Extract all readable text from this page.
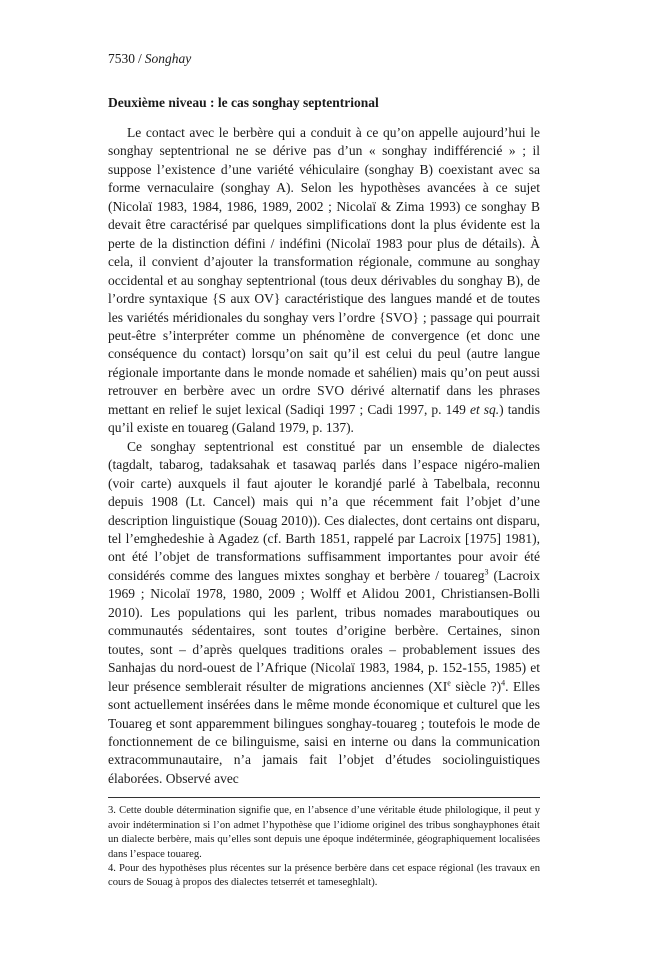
7530 / Songhay
Deuxième niveau : le cas songhay septentrional

Le contact avec le berbère qui a conduit à ce qu’on appelle aujourd’hui le songhay septentrional ne se dérive pas d’un « songhay indifférencié » ; il suppose l’existence d’une variété véhiculaire (songhay B) coexistant avec sa forme vernaculaire (songhay A). Selon les hypothèses avancées à ce sujet (Nicolaï 1983, 1984, 1986, 1989, 2002 ; Nicolaï & Zima 1993) ce songhay B devait être caractérisé par quelques simplifications dont la plus évidente est la perte de la distinction défini / indéfini (Nicolaï 1983 pour plus de détails). À cela, il convient d’ajouter la transformation régionale, commune au songhay occidental et au songhay septentrional (tous deux dérivables du songhay B), de l’ordre syntaxique {S aux OV} caractéristique des langues mandé et de toutes les variétés méridionales du songhay vers l’ordre {SVO} ; passage qui pourrait peut-être s’interpréter comme un phénomène de convergence (et donc une conséquence du contact) lorsqu’on sait qu’il est celui du peul (autre langue régionale importante dans le monde nomade et sahélien) mais qu’on peut aussi retrouver en berbère avec un ordre SVO dérivé alternatif dans les phrases mettant en relief le sujet lexical (Sadiqi 1997 ; Cadi 1997, p. 149 et sq.) tandis qu’il existe en touareg (Galand 1979, p. 137).

Ce songhay septentrional est constitué par un ensemble de dialectes (tagdalt, tabarog, tadaksahak et tasawaq parlés dans l’espace nigéro-malien (voir carte) auxquels il faut ajouter le korandjé parlé à Tabelbala, reconnu depuis 1908 (Lt. Cancel) mais qui n’a que récemment fait l’objet d’une description linguistique (Souag 2010)). Ces dialectes, dont certains ont disparu, tel l’emghedeshie à Agadez (cf. Barth 1851, rappelé par Lacroix [1975] 1981), ont été l’objet de transformations suffisamment importantes pour avoir été considérés comme des langues mixtes songhay et berbère / touareg$^3$ (Lacroix 1969 ; Nicolaï 1978, 1980, 2009 ; Wolff et Alidou 2001, Christiansen-Bolli 2010). Les populations qui les parlent, tribus nomades maraboutiques ou communautés sédentaires, sont toutes d’origine berbère. Certaines, sinon toutes, sont – d’après quelques traditions orales – probablement issues des Sanhajas du nord-ouest de l’Afrique (Nicolaï 1983, 1984, p. 152-155, 1985) et leur présence semblerait résulter de migrations anciennes (XIe siècle ?)$^4$. Elles sont actuellement insérées dans le même monde économique et culturel que les Touareg et sont apparemment bilingues songhay-touareg ; toutefois le mode de fonctionnement de ce bilinguisme, saisi en interne ou dans la communication extracommunautaire, n’a jamais fait l’objet d’études sociolinguistiques élaborées. Observé avec

3. Cette double détermination signifie que, en l’absence d’une véritable étude philologique, il peut y avoir indétermination si l’on admet l’hypothèse que l’idiome originel des tribus songhayphones était un dialecte berbère, mais qu’elles sont depuis une époque indéterminée, géographiquement localisées dans l’espace touareg.

4. Pour des hypothèses plus récentes sur la présence berbère dans cet espace régional (les travaux en cours de Souag à propos des dialectes tetserrét et tameseghlalt).
